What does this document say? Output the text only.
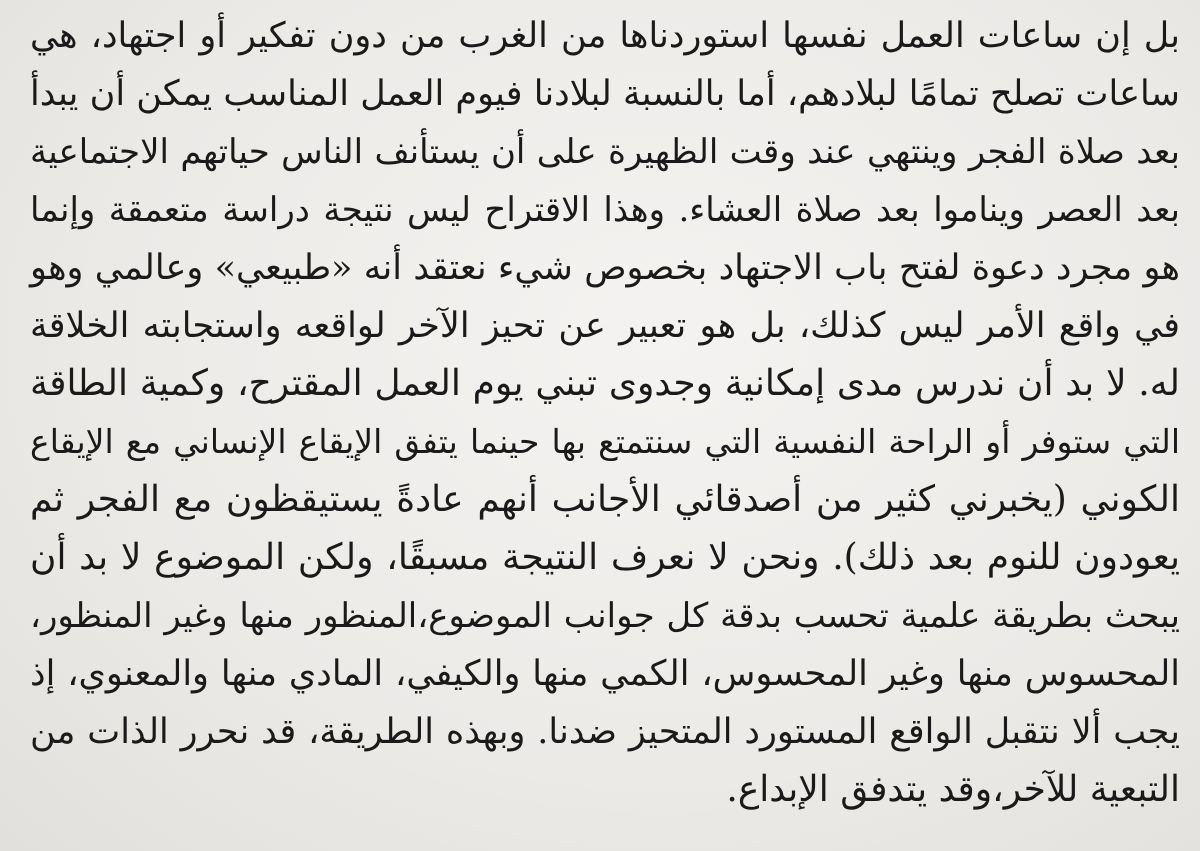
بل إن ساعات العمل نفسها استوردناها من الغرب من دون تفكير أو اجتهاد، هي
ساعات تصلح تمامًا لبلادهم، أما بالنسبة لبلادنا فيوم العمل المناسب يمكن أن يبدأ
بعد صلاة الفجر وينتهي عند وقت الظهيرة على أن يستأنف الناس حياتهم الاجتماعية
بعد العصر ويناموا بعد صلاة العشاء. وهذا الاقتراح ليس نتيجة دراسة متعمقة وإنما
هو مجرد دعوة لفتح باب الاجتهاد بخصوص شيء نعتقد أنه «طبيعي» وعالمي وهو
في واقع الأمر ليس كذلك، بل هو تعبير عن تحيز الآخر لواقعه واستجابته الخلاقة
له. لا بد أن ندرس مدى إمكانية وجدوى تبني يوم العمل المقترح، وكمية الطاقة
التي ستوفر أو الراحة النفسية التي سنتمتع بها حينما يتفق الإيقاع الإنساني مع الإيقاع
الكوني (يخبرني كثير من أصدقائي الأجانب أنهم عادةً يستيقظون مع الفجر ثم
يعودون للنوم بعد ذلك). ونحن لا نعرف النتيجة مسبقًا، ولكن الموضوع لا بد أن
يبحث بطريقة علمية تحسب بدقة كل جوانب الموضوع،المنظور منها وغير المنظور،
المحسوس منها وغير المحسوس، الكمي منها والكيفي، المادي منها والمعنوي، إذ
يجب ألا نتقبل الواقع المستورد المتحيز ضدنا. وبهذه الطريقة، قد نحرر الذات من
التبعية للآخر،وقد يتدفق الإبداع.
